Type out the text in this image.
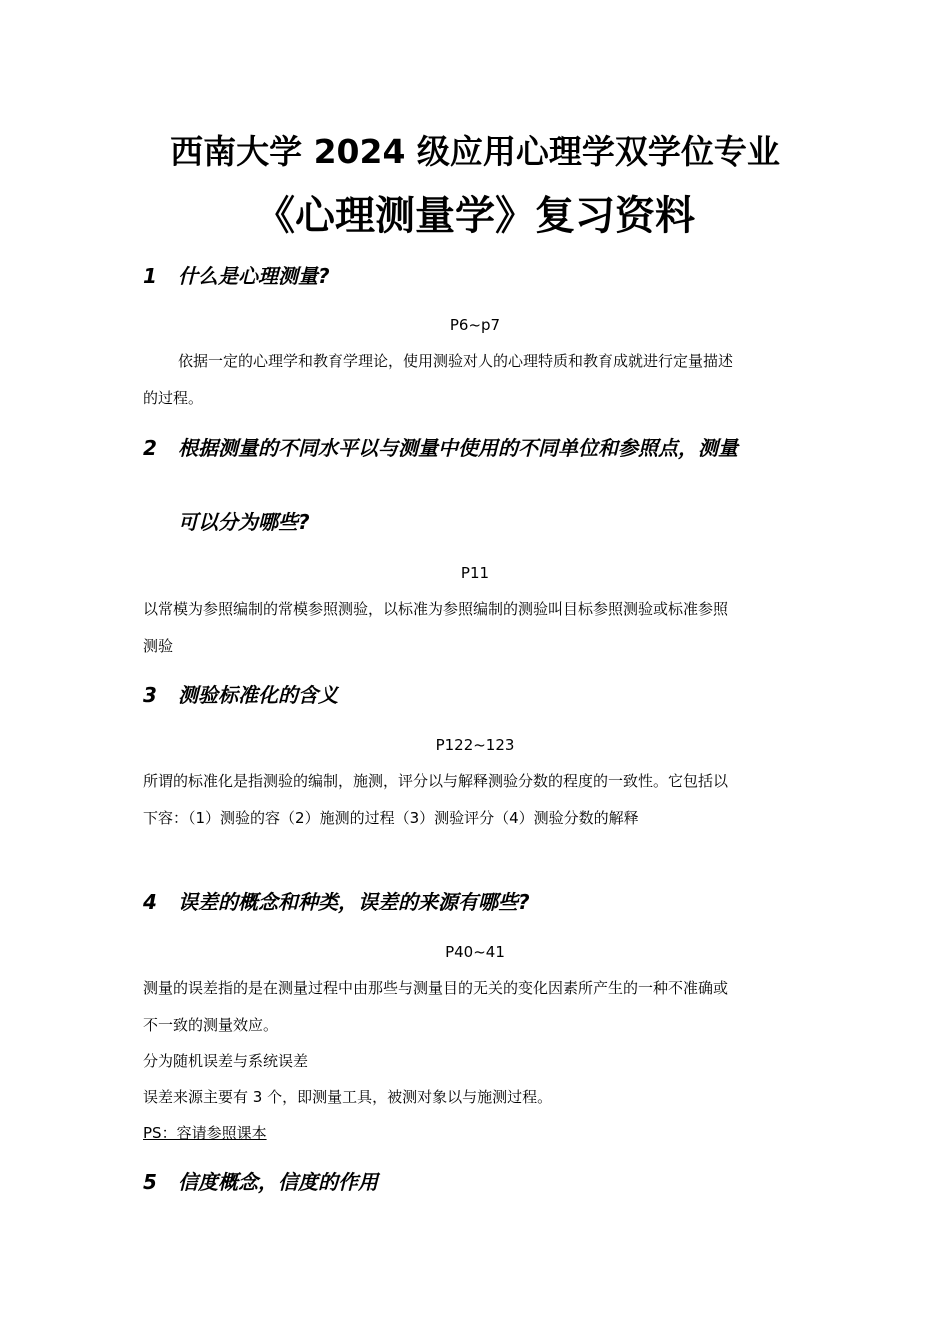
西南大学 2024 级应用心理学双学位专业
《心理测量学》复习资料
1 什么是心理测量?
P6~p7
依据一定的心理学和教育学理论，使用测验对人的心理特质和教育成就进行定量描述
的过程。
2 根据测量的不同水平以与测量中使用的不同单位和参照点，测量
可以分为哪些?
P11
以常模为参照编制的常模参照测验，以标准为参照编制的测验叫目标参照测验或标准参照
测验
3 测验标准化的含义
P122~123
所谓的标准化是指测验的编制，施测，评分以与解释测验分数的程度的一致性。它包括以
下容：（1）测验的容（2）施测的过程（3）测验评分（4）测验分数的解释
4 误差的概念和种类，误差的来源有哪些?
P40~41
测量的误差指的是在测量过程中由那些与测量目的无关的变化因素所产生的一种不准确或
不一致的测量效应。
分为随机误差与系统误差
误差来源主要有 3 个，即测量工具，被测对象以与施测过程。
PS：容请参照课本
5 信度概念，信度的作用
